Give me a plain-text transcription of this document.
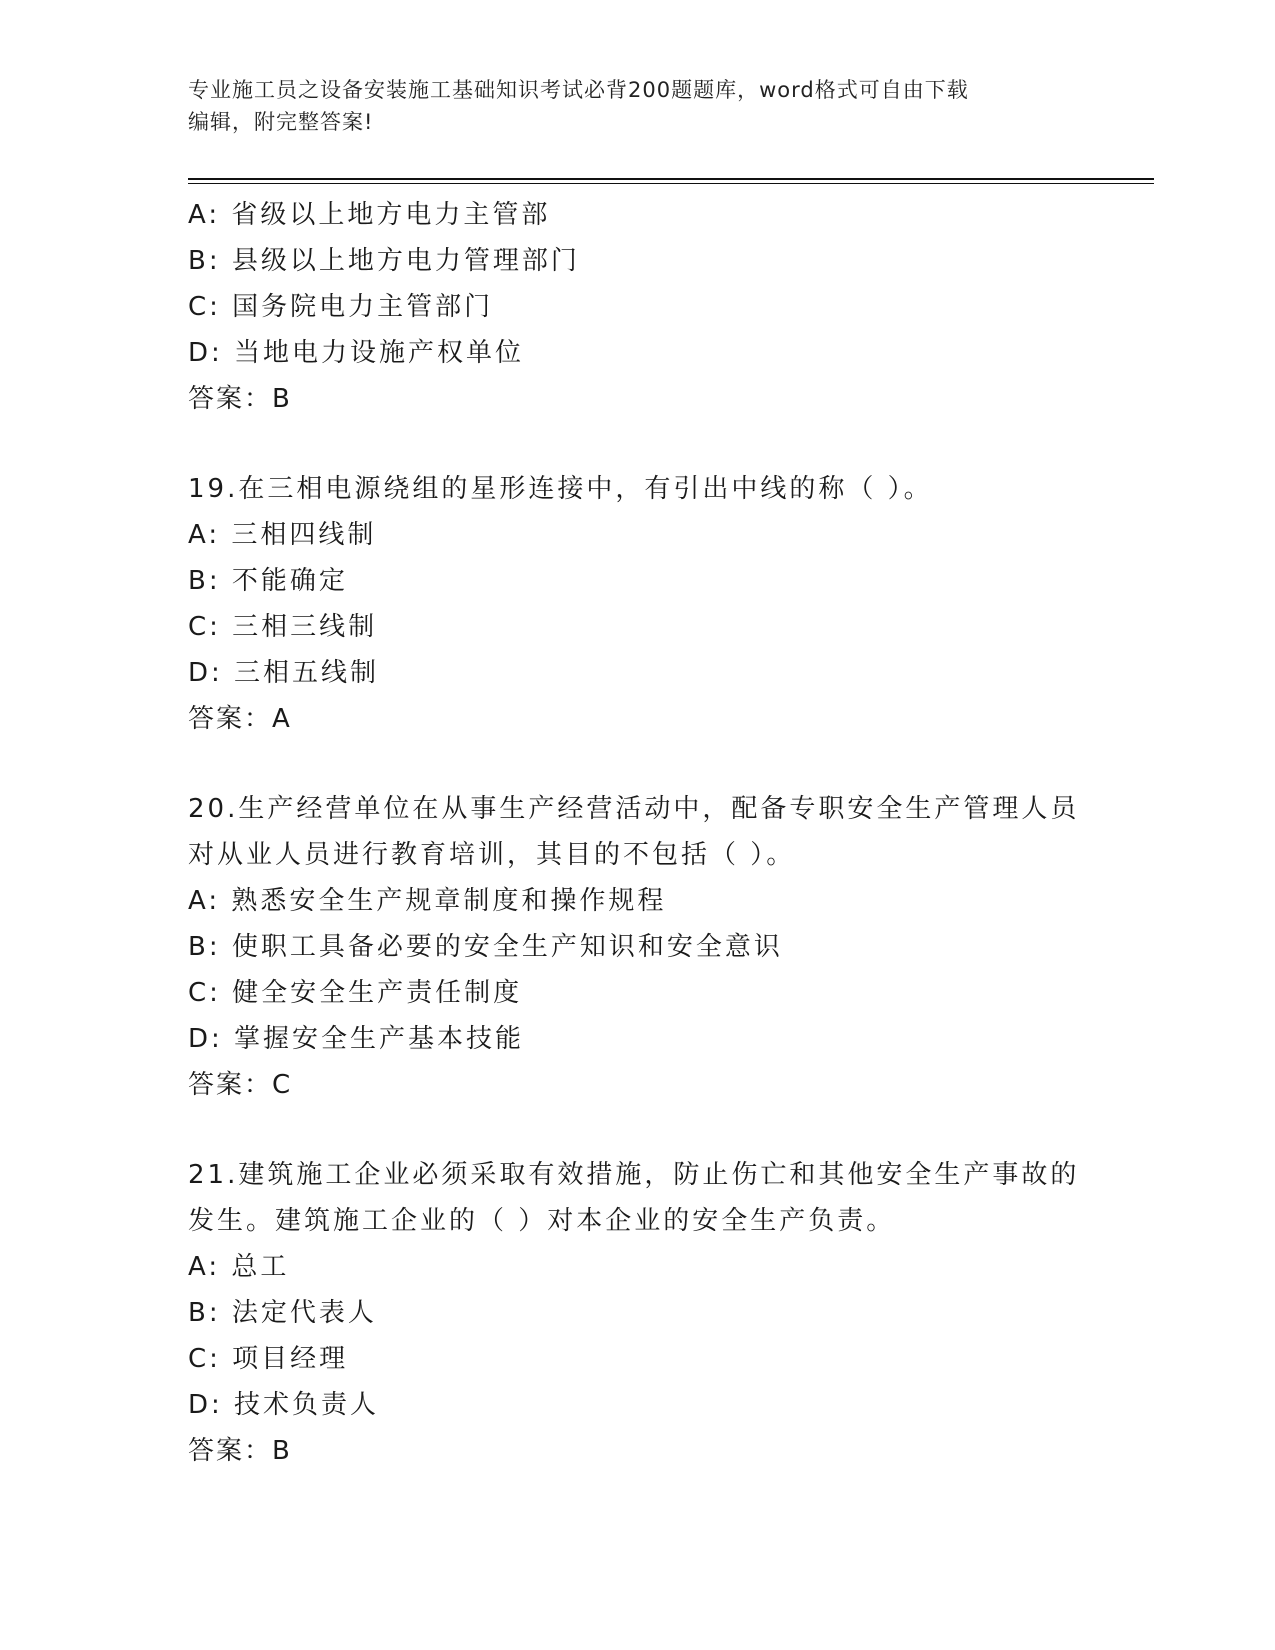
专业施工员之设备安装施工基础知识考试必背200题题库，word格式可自由下载
编辑，附完整答案!
A: 省级以上地方电力主管部
B: 县级以上地方电力管理部门
C: 国务院电力主管部门
D: 当地电力设施产权单位
答案：B
19.在三相电源绕组的星形连接中，有引出中线的称（ ）。
A: 三相四线制
B: 不能确定
C: 三相三线制
D: 三相五线制
答案：A
20.生产经营单位在从事生产经营活动中，配备专职安全生产管理人员
对从业人员进行教育培训，其目的不包括（ ）。
A: 熟悉安全生产规章制度和操作规程
B: 使职工具备必要的安全生产知识和安全意识
C: 健全安全生产责任制度
D: 掌握安全生产基本技能
答案：C
21.建筑施工企业必须采取有效措施，防止伤亡和其他安全生产事故的
发生。建筑施工企业的（ ）对本企业的安全生产负责。
A: 总工
B: 法定代表人
C: 项目经理
D: 技术负责人
答案：B
